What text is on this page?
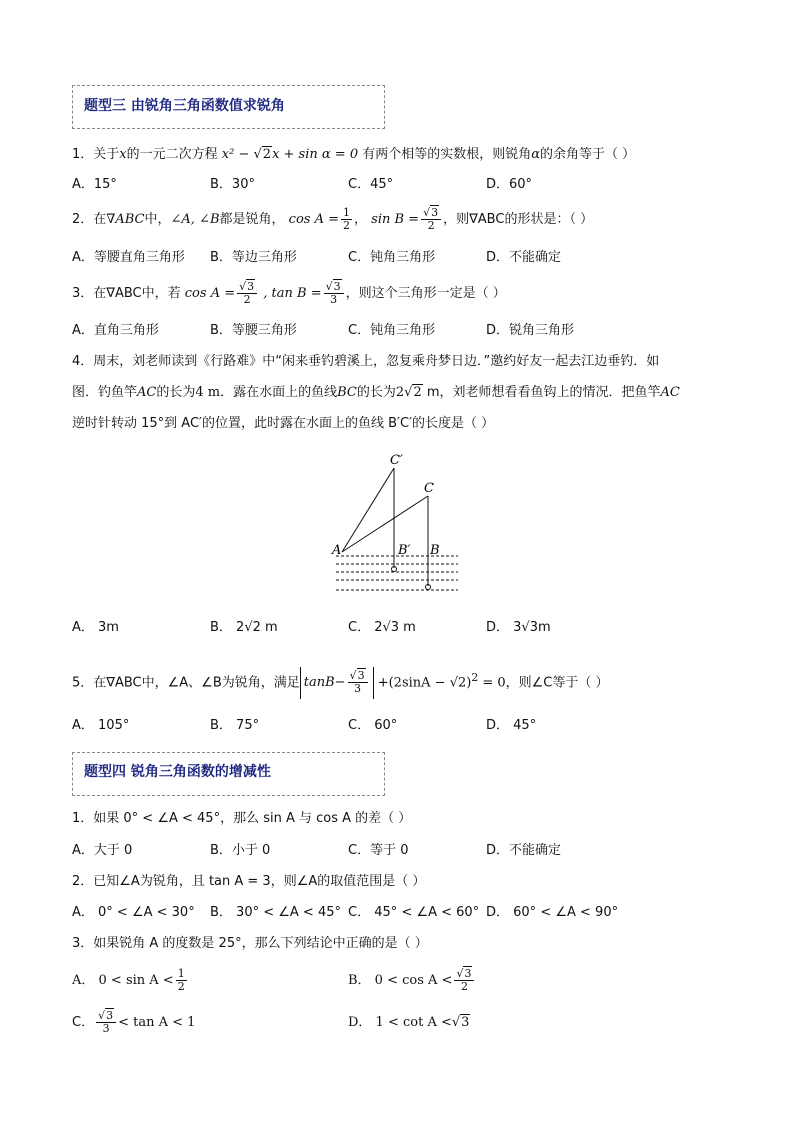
题型三 由锐角三角函数值求锐角
1．关于x的一元二次方程 x² − √2x + sin α = 0 有两个相等的实数根，则锐角α的余角等于（ ）
A．15°	B．30°	C．45°	D．60°
2．在∇ABC中，∠A, ∠B都是锐角， $\cos A = \frac{1}{2}$ ， $\sin B = \frac{√3}{2}$ ，则∇ABC的形状是：（ ）
A．等腰直角三角形 B．等边三角形	C．钝角三角形	D．不能确定
3．在∇ABC中，若 $\cos A = \frac{√3}{2}$ , $\tan B = \frac{√3}{3}$ ，则这个三角形一定是（ ）
A．直角三角形	B．等腰三角形	C．钝角三角形	D．锐角三角形
4．周末，刘老师读到《行路难》中“闲来垂钓碧溪上，忽复乘舟梦日边．”邀约好友一起去江边垂钓．如
图．钓鱼竿AC的长为4 m．露在水面上的鱼线BC的长为2√2 m，刘老师想看看鱼钩上的情况．把鱼竿AC
逆时针转动 15°到 AC′的位置，此时露在水面上的鱼线 B′C′的长度是（ ）
C′
C
A	B′ B
A． 3m	B． 2√2 m	C． 2√3 m	D． 3√3m
5．在∇ABC中，∠A、∠B为锐角，满足 $\tan B- \frac{√3}{3} +(2\sin A - √2)^2 = 0$，则∠C等于（ ）
A． 105°	B． 75°	C． 60°	D． 45°
题型四 锐角三角函数的增减性
1．如果 0° < ∠A < 45°，那么 sin A 与 cos A 的差（ ）
A．大于 0	B．小于 0	C．等于 0	D．不能确定
2．已知∠A为锐角，且 tan A = 3，则∠A的取值范围是（ ）
A． 0° < ∠A < 30° B． 30° < ∠A < 45° C． 45° < ∠A < 60° D． 60° < ∠A < 90°
3．如果锐角 A 的度数是 25°，那么下列结论中正确的是（ ）
A． $0 < \sin A < \frac{1}{2}$	B． $0 < \cos A < \frac{√3}{2}$
C． $\frac{√3}{3} < \tan A < 1$	D． 1 < cot A <√3
